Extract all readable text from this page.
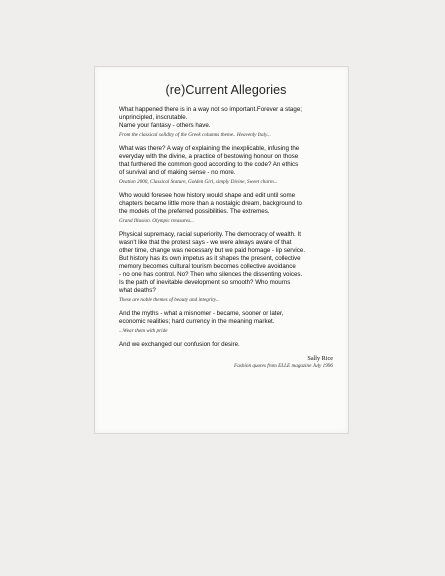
(re)Current Allegories

What happened there is in a way not so important.Forever a stage;
unprincipled, inscrutable.
Name your fantasy - others have.

From the classical solidity of the Greek columns theme.. Heavenly Italy...

What was there? A way of explaining the inexplicable, infusing the
everyday with the divine, a practice of bestowing honour on those
that furthered the common good according to the code? An ethics
of survival and of making sense - no more.

Ovation 2000, Classical Stature, Golden Girl, simply Divine, Sweet charm...

Who would foresee how history would shape and edit until some
chapters became little more than a nostalgic dream, background to
the models of the preferred possibilities. The extremes.

Grand Illusion. Olympic treasures...

Physical supremacy, racial superiority. The democracy of wealth. It
wasn't like that the protest says - we were always aware of that
other time, change was necessary but we paid homage - lip service.
But history has its own impetus as it shapes the present, collective
memory becomes cultural tourism becomes collective avoidance
- no one has control. No? Then who silences the dissenting voices.
Is the path of inevitable development so smooth? Who mourns
what deaths?

These are noble themes of beauty and integrity...

And the myths - what a misnomer - became, sooner or later,
economic realities; hard currency in the meaning market.

...Wear them with pride

And we exchanged our confusion for desire.

Sally Rice
Fashion quotes from ELLE magazine July 1996
